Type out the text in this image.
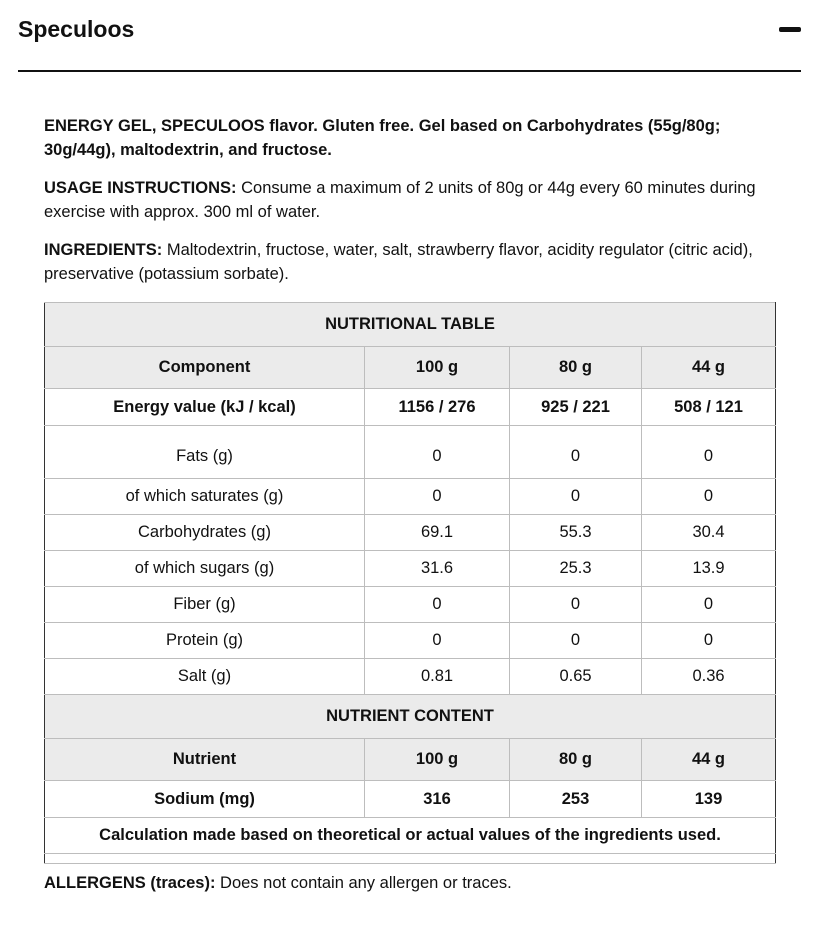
Speculoos

ENERGY GEL, SPECULOOS flavor. Gluten free. Gel based on Carbohydrates (55g/80g; 30g/44g), maltodextrin, and fructose.

USAGE INSTRUCTIONS: Consume a maximum of 2 units of 80g or 44g every 60 minutes during exercise with approx. 300 ml of water.

INGREDIENTS: Maltodextrin, fructose, water, salt, strawberry flavor, acidity regulator (citric acid), preservative (potassium sorbate).

NUTRITIONAL TABLE			
Component	100 g	80 g	44 g
Energy value (kJ / kcal)	1156 / 276	925 / 221	508 / 121
Fats (g)	0	0	0
of which saturates (g)	0	0	0
Carbohydrates (g)	69.1	55.3	30.4
of which sugars (g)	31.6	25.3	13.9
Fiber (g)	0	0	0
Protein (g)	0	0	0
Salt (g)	0.81	0.65	0.36
NUTRIENT CONTENT			
Nutrient	100 g	80 g	44 g
Sodium (mg)	316	253	139
Calculation made based on theoretical or actual values of the ingredients used.			

ALLERGENS (traces): Does not contain any allergen or traces.
